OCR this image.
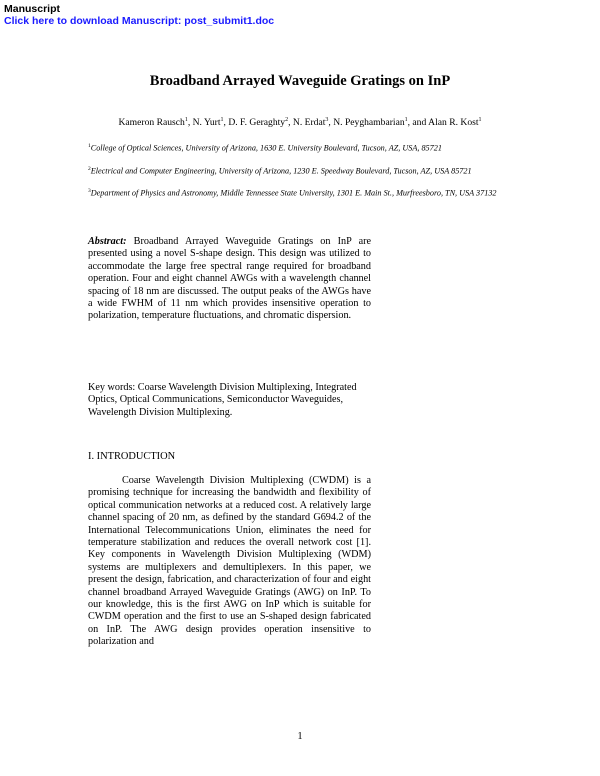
Manuscript
Click here to download Manuscript: post_submit1.doc
Broadband Arrayed Waveguide Gratings on InP
Kameron Rausch$^1$, N. Yurt$^1$, D. F. Geraghty$^2$, N. Erdat$^3$, N. Peyghambarian$^1$, and Alan R. Kost$^1$
$^1$College of Optical Sciences, University of Arizona, 1630 E. University Boulevard, Tucson, AZ, USA, 85721
$^2$Electrical and Computer Engineering, University of Arizona, 1230 E. Speedway Boulevard, Tucson, AZ, USA 85721
$^3$Department of Physics and Astronomy, Middle Tennessee State University, 1301 E. Main St., Murfreesboro, TN, USA 37132
Abstract: Broadband Arrayed Waveguide Gratings on InP are presented using a novel S-shape design. This design was utilized to accommodate the large free spectral range required for broadband operation. Four and eight channel AWGs with a wavelength channel spacing of 18 nm are discussed. The output peaks of the AWGs have a wide FWHM of 11 nm which provides insensitive operation to polarization, temperature fluctuations, and chromatic dispersion.
Key words: Coarse Wavelength Division Multiplexing, Integrated Optics, Optical Communications, Semiconductor Waveguides, Wavelength Division Multiplexing.
I. INTRODUCTION
Coarse Wavelength Division Multiplexing (CWDM) is a promising technique for increasing the bandwidth and flexibility of optical communication networks at a reduced cost. A relatively large channel spacing of 20 nm, as defined by the standard G694.2 of the International Telecommunications Union, eliminates the need for temperature stabilization and reduces the overall network cost [1]. Key components in Wavelength Division Multiplexing (WDM) systems are multiplexers and demultiplexers. In this paper, we present the design, fabrication, and characterization of four and eight channel broadband Arrayed Waveguide Gratings (AWG) on InP. To our knowledge, this is the first AWG on InP which is suitable for CWDM operation and the first to use an S-shaped design fabricated on InP. The AWG design provides operation insensitive to polarization and
1
